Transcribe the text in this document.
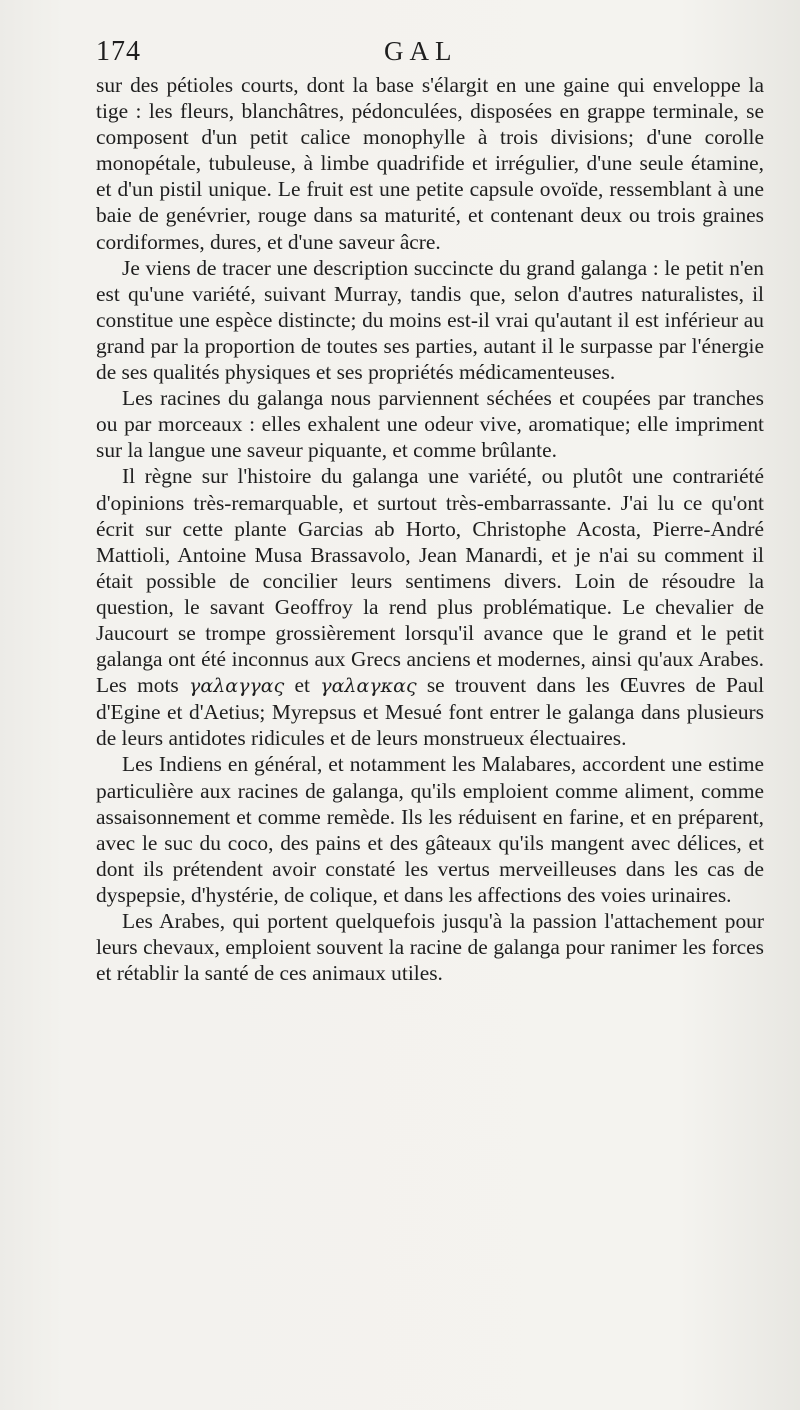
174	GAL

sur des pétioles courts, dont la base s'élargit en une gaine qui enveloppe la tige : les fleurs, blanchâtres, pédonculées, disposées en grappe terminale, se composent d'un petit calice monophylle à trois divisions; d'une corolle monopétale, tubuleuse, à limbe quadrifide et irrégulier, d'une seule étamine, et d'un pistil unique. Le fruit est une petite capsule ovoïde, ressemblant à une baie de genévrier, rouge dans sa maturité, et contenant deux ou trois graines cordiformes, dures, et d'une saveur âcre.

Je viens de tracer une description succincte du grand galanga : le petit n'en est qu'une variété, suivant Murray, tandis que, selon d'autres naturalistes, il constitue une espèce distincte; du moins est-il vrai qu'autant il est inférieur au grand par la proportion de toutes ses parties, autant il le surpasse par l'énergie de ses qualités physiques et ses propriétés médicamenteuses.

Les racines du galanga nous parviennent séchées et coupées par tranches ou par morceaux : elles exhalent une odeur vive, aromatique; elle impriment sur la langue une saveur piquante, et comme brûlante.

Il règne sur l'histoire du galanga une variété, ou plutôt une contrariété d'opinions très-remarquable, et surtout très-embarrassante. J'ai lu ce qu'ont écrit sur cette plante Garcias ab Horto, Christophe Acosta, Pierre-André Mattioli, Antoine Musa Brassavolo, Jean Manardi, et je n'ai su comment il était possible de concilier leurs sentimens divers. Loin de résoudre la question, le savant Geoffroy la rend plus problématique. Le chevalier de Jaucourt se trompe grossièrement lorsqu'il avance que le grand et le petit galanga ont été inconnus aux Grecs anciens et modernes, ainsi qu'aux Arabes. Les mots γαλαγγας et γαλαγκας se trouvent dans les Œuvres de Paul d'Egine et d'Aetius; Myrepsus et Mesué font entrer le galanga dans plusieurs de leurs antidotes ridicules et de leurs monstrueux électuaires.

Les Indiens en général, et notamment les Malabares, accordent une estime particulière aux racines de galanga, qu'ils emploient comme aliment, comme assaisonnement et comme remède. Ils les réduisent en farine, et en préparent, avec le suc du coco, des pains et des gâteaux qu'ils mangent avec délices, et dont ils prétendent avoir constaté les vertus merveilleuses dans les cas de dyspepsie, d'hystérie, de colique, et dans les affections des voies urinaires.

Les Arabes, qui portent quelquefois jusqu'à la passion l'attachement pour leurs chevaux, emploient souvent la racine de galanga pour ranimer les forces et rétablir la santé de ces animaux utiles.
